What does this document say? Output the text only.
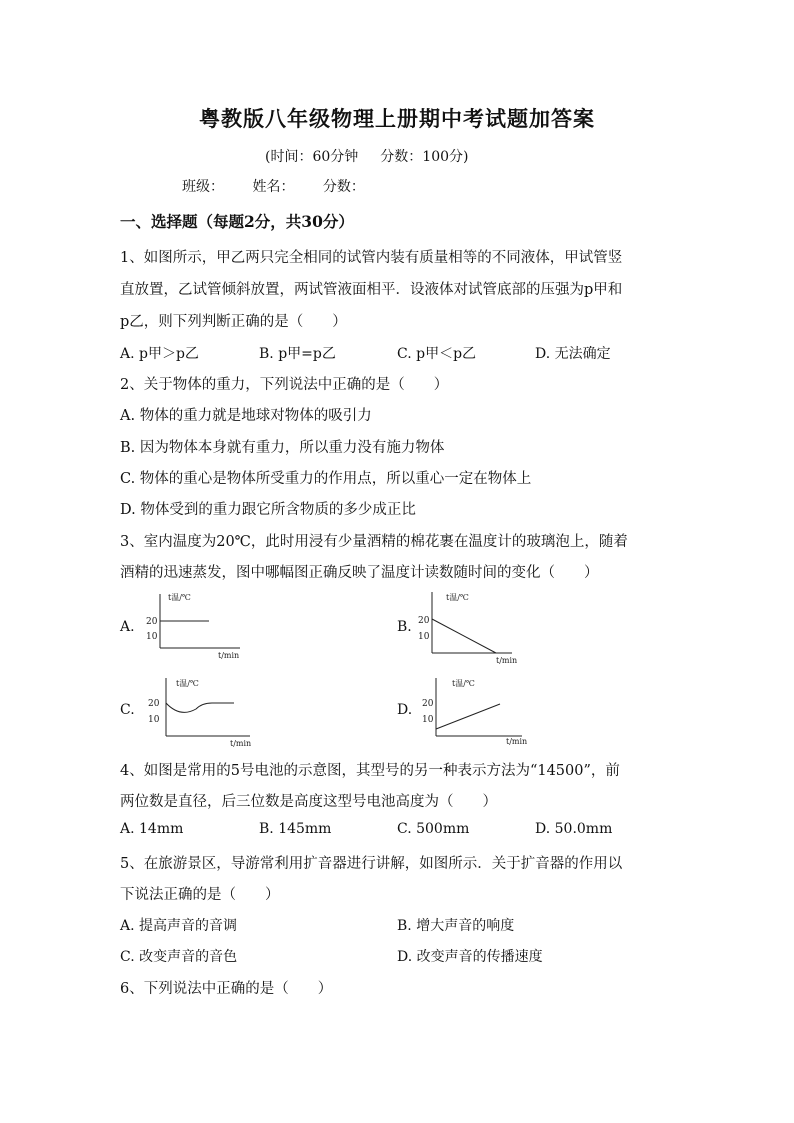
粤教版八年级物理上册期中考试题加答案
(时间：60分钟 分数：100分)
班级： 姓名： 分数：
一、选择题（每题2分，共30分）
1、如图所示，甲乙两只完全相同的试管内装有质量相等的不同液体，甲试管竖
直放置，乙试管倾斜放置，两试管液面相平．设液体对试管底部的压强为p甲和
p乙，则下列判断正确的是（　　）
A. p甲＞p乙	B. p甲=p乙	C. p甲＜p乙	D. 无法确定
2、关于物体的重力，下列说法中正确的是（　　）
A. 物体的重力就是地球对物体的吸引力
B. 因为物体本身就有重力，所以重力没有施力物体
C. 物体的重心是物体所受重力的作用点，所以重心一定在物体上
D. 物体受到的重力跟它所含物质的多少成正比
3、室内温度为20℃，此时用浸有少量酒精的棉花裹在温度计的玻璃泡上，随着
酒精的迅速蒸发，图中哪幅图正确反映了温度计读数随时间的变化（　　）
A.
t温/℃
t/min
20
10
B.
t温/℃
t/min
20
10
C.
t温/℃
t/min
20
10
D.
t温/℃
t/min
20
10
4、如图是常用的5号电池的示意图，其型号的另一种表示方法为“14500”，前
两位数是直径，后三位数是高度这型号电池高度为（　　）
A. 14mm	B. 145mm	C. 500mm	D. 50.0mm
5、在旅游景区，导游常利用扩音器进行讲解，如图所示．关于扩音器的作用以
下说法正确的是（　　）
A. 提高声音的音调	B. 增大声音的响度
C. 改变声音的音色	D. 改变声音的传播速度
6、下列说法中正确的是（　　）
